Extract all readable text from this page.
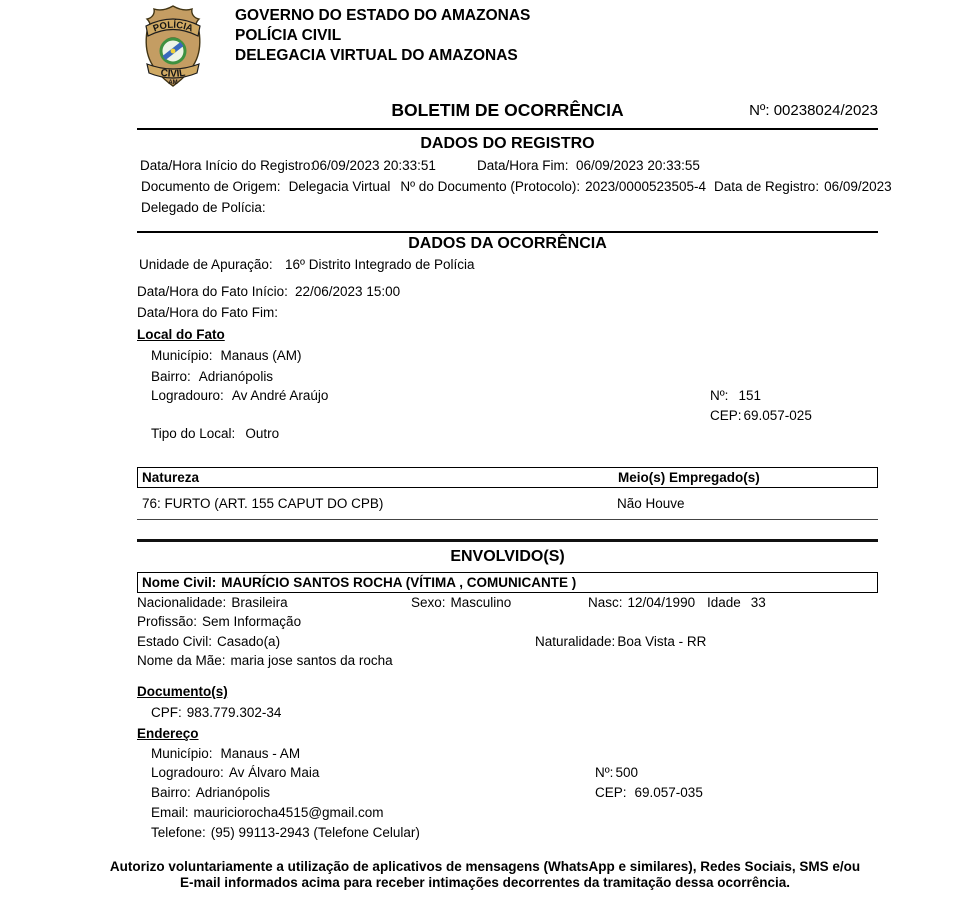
POLÍCIA
CIVIL
AM
GOVERNO DO ESTADO DO AMAZONAS
POLÍCIA CIVIL
DELEGACIA VIRTUAL DO AMAZONAS
BOLETIM DE OCORRÊNCIA	Nº: 00238024/2023
DADOS DO REGISTRO
Data/Hora Início do Registro:
06/09/2023 20:33:51	Data/Hora Fim: 06/09/2023 20:33:55
Documento de Origem: Delegacia Virtual Nº do Documento (Protocolo): 2023/0000523505-4 Data de Registro: 06/09/2023
Delegado de Polícia:
DADOS DA OCORRÊNCIA
Unidade de Apuração: 16º Distrito Integrado de Polícia
Data/Hora do Fato Início: 22/06/2023 15:00
Data/Hora do Fato Fim:
Local do Fato
Município: Manaus (AM)
Bairro: Adrianópolis
Logradouro: Av André Araújo	Nº: 151
CEP: 69.057-025
Tipo do Local: Outro
Natureza	Meio(s) Empregado(s)
76: FURTO (ART. 155 CAPUT DO CPB)	Não Houve
ENVOLVIDO(S)
Nome Civil: MAURÍCIO SANTOS ROCHA (VÍTIMA , COMUNICANTE )
Nacionalidade: Brasileira	Sexo: Masculino	Nasc: 12/04/1990 Idade 33
Profissão: Sem Informação
Estado Civil: Casado(a)	Naturalidade: Boa Vista - RR
Nome da Mãe: maria jose santos da rocha
Documento(s)
CPF: 983.779.302-34
Endereço
Município: Manaus - AM
Logradouro: Av Álvaro Maia	Nº: 500
Bairro: Adrianópolis	CEP: 69.057-035
Email: mauriciorocha4515@gmail.com
Telefone: (95) 99113-2943 (Telefone Celular)
Autorizo voluntariamente a utilização de aplicativos de mensagens (WhatsApp e similares), Redes Sociais, SMS e/ou
E-mail informados acima para receber intimações decorrentes da tramitação dessa ocorrência.
